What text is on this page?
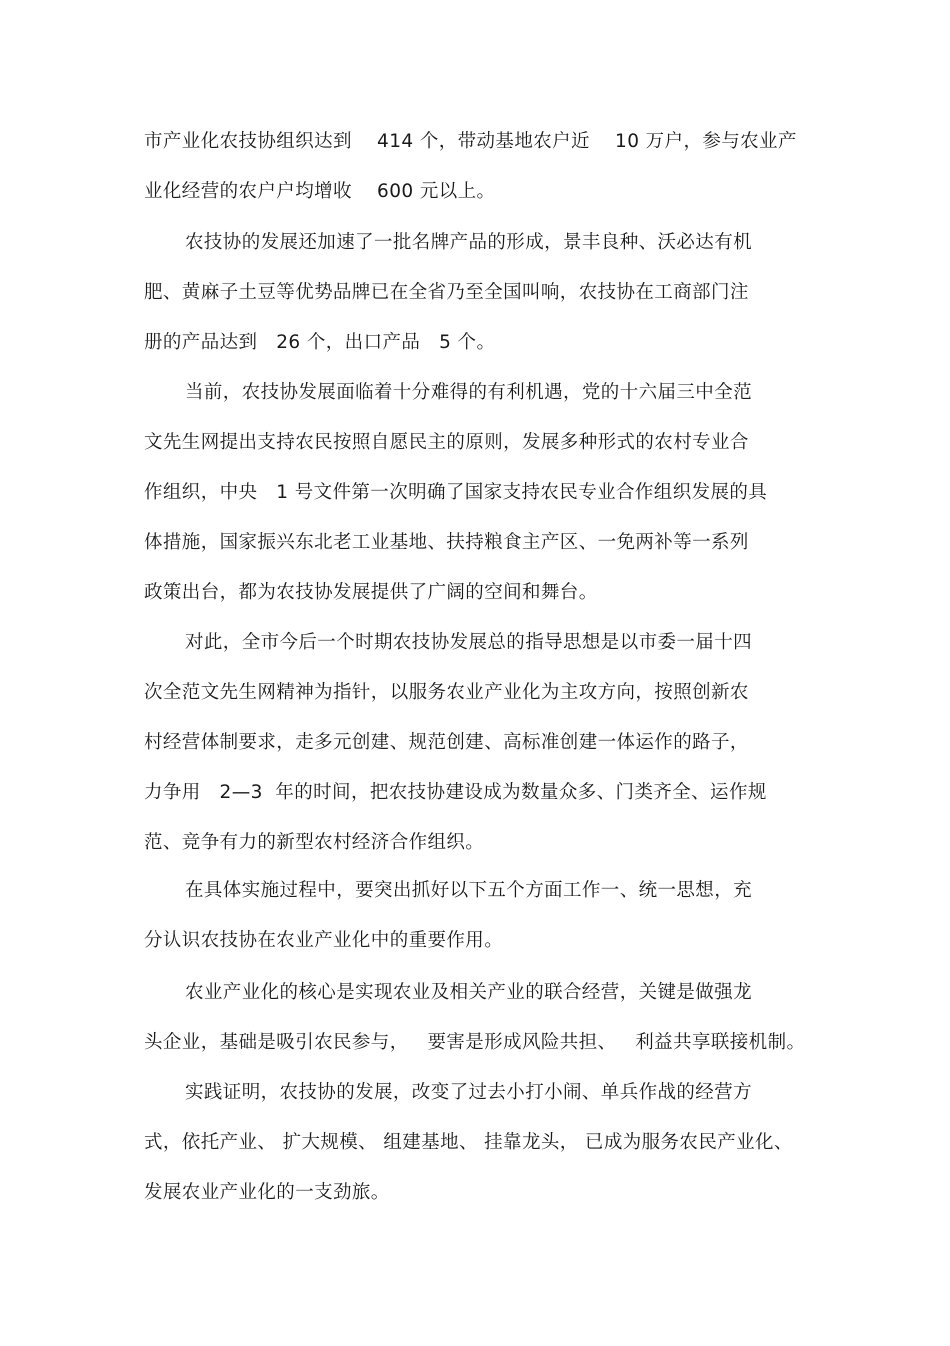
市产业化农技协组织达到    414 个，带动基地农户近    10 万户，参与农业产
业化经营的农户户均增收    600 元以上。
农技协的发展还加速了一批名牌产品的形成，景丰良种、沃必达有机
肥、黄麻子土豆等优势品牌已在全省乃至全国叫响，农技协在工商部门注
册的产品达到   26 个，出口产品   5 个。
当前，农技协发展面临着十分难得的有利机遇，党的十六届三中全范
文先生网提出支持农民按照自愿民主的原则，发展多种形式的农村专业合
作组织，中央   1 号文件第一次明确了国家支持农民专业合作组织发展的具
体措施，国家振兴东北老工业基地、扶持粮食主产区、一免两补等一系列
政策出台，都为农技协发展提供了广阔的空间和舞台。
对此，全市今后一个时期农技协发展总的指导思想是以市委一届十四
次全范文先生网精神为指针，以服务农业产业化为主攻方向，按照创新农
村经营体制要求，走多元创建、规范创建、高标准创建一体运作的路子，
力争用   2—3  年的时间，把农技协建设成为数量众多、门类齐全、运作规
范、竞争有力的新型农村经济合作组织。
在具体实施过程中，要突出抓好以下五个方面工作一、统一思想，充
分认识农技协在农业产业化中的重要作用。
农业产业化的核心是实现农业及相关产业的联合经营，关键是做强龙
头企业，基础是吸引农民参与，   要害是形成风险共担、   利益共享联接机制。
实践证明，农技协的发展，改变了过去小打小闹、单兵作战的经营方
式，依托产业、 扩大规模、 组建基地、 挂靠龙头， 已成为服务农民产业化、
发展农业产业化的一支劲旅。
